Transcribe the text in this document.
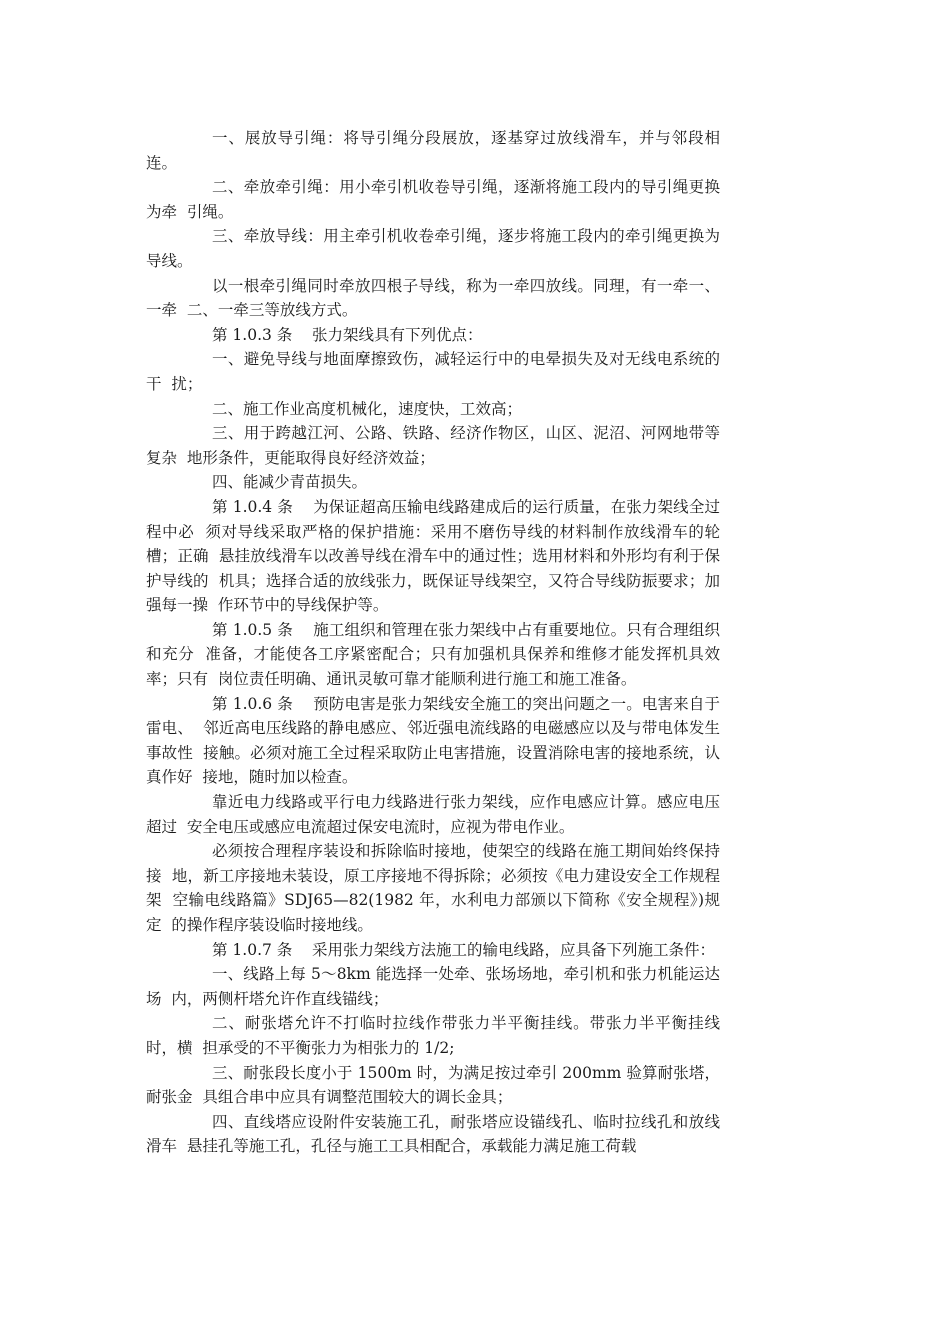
一、展放导引绳：将导引绳分段展放，逐基穿过放线滑车，并与邻段相连。

二、牵放牵引绳：用小牵引机收卷导引绳，逐渐将施工段内的导引绳更换为牵  引绳。

三、牵放导线：用主牵引机收卷牵引绳，逐步将施工段内的牵引绳更换为导线。

以一根牵引绳同时牵放四根子导线，称为一牵四放线。同理，有一牵一、一牵  二、一牵三等放线方式。

第 1.0.3 条    张力架线具有下列优点：

一、避免导线与地面摩擦致伤，减轻运行中的电晕损失及对无线电系统的干  扰；

二、施工作业高度机械化，速度快，工效高；

三、用于跨越江河、公路、铁路、经济作物区，山区、泥沼、河网地带等复杂  地形条件，更能取得良好经济效益；

四、能减少青苗损失。

第 1.0.4 条    为保证超高压输电线路建成后的运行质量，在张力架线全过程中必  须对导线采取严格的保护措施：采用不磨伤导线的材料制作放线滑车的轮槽；正确  悬挂放线滑车以改善导线在滑车中的通过性；选用材料和外形均有利于保护导线的  机具；选择合适的放线张力，既保证导线架空，又符合导线防振要求；加强每一操  作环节中的导线保护等。

第 1.0.5 条    施工组织和管理在张力架线中占有重要地位。只有合理组织和充分  准备，才能使各工序紧密配合；只有加强机具保养和维修才能发挥机具效率；只有  岗位责任明确、通讯灵敏可靠才能顺利进行施工和施工准备。

第 1.0.6 条    预防电害是张力架线安全施工的突出问题之一。电害来自于雷电、  邻近高电压线路的静电感应、邻近强电流线路的电磁感应以及与带电体发生事故性  接触。必须对施工全过程采取防止电害措施，设置消除电害的接地系统，认真作好  接地，随时加以检查。

靠近电力线路或平行电力线路进行张力架线，应作电感应计算。感应电压超过  安全电压或感应电流超过保安电流时，应视为带电作业。

必须按合理程序装设和拆除临时接地，使架空的线路在施工期间始终保持接  地，新工序接地未装设，原工序接地不得拆除；必须按《电力建设安全工作规程  架  空输电线路篇》SDJ65—82(1982 年，水利电力部颁以下简称《安全规程》)规定  的操作程序装设临时接地线。

第 1.0.7 条    采用张力架线方法施工的输电线路，应具备下列施工条件：

一、线路上每 5～8km 能选择一处牵、张场场地，牵引机和张力机能运达场  内，两侧杆塔允许作直线锚线；

二、耐张塔允许不打临时拉线作带张力半平衡挂线。带张力半平衡挂线时，横  担承受的不平衡张力为相张力的 1/2;

三、耐张段长度小于 1500m 时，为满足按过牵引 200mm 验算耐张塔，耐张金  具组合串中应具有调整范围较大的调长金具；

四、直线塔应设附件安装施工孔，耐张塔应设锚线孔、临时拉线孔和放线滑车  悬挂孔等施工孔，孔径与施工工具相配合，承载能力满足施工荷载
